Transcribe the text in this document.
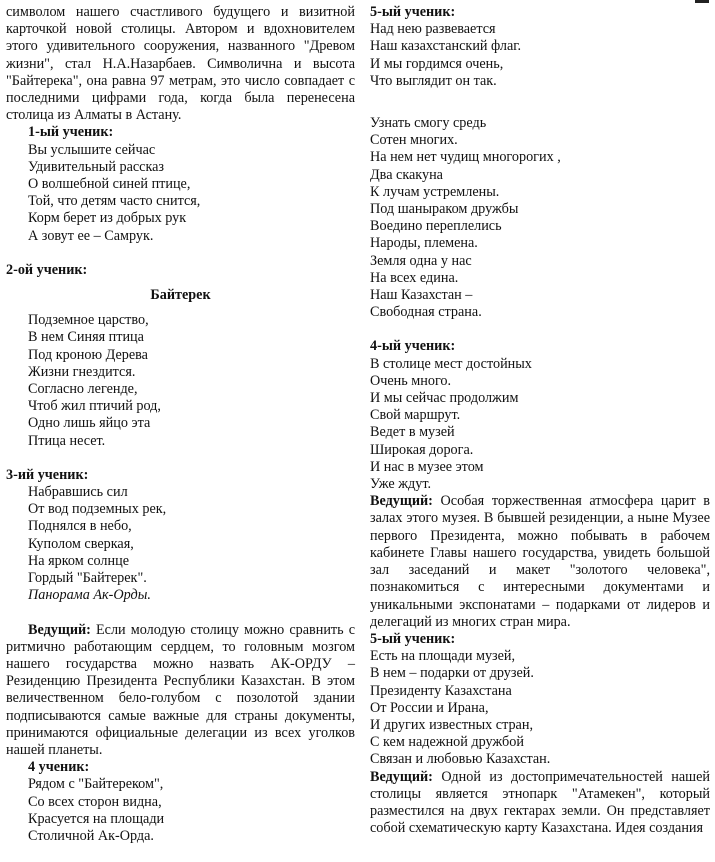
символом нашего счастливого будущего и визитной карточкой новой столицы. Автором и вдохновителем этого удивительного сооружения, названного "Древом жизни", стал Н.А.Назарбаев. Символична и высота "Байтерека", она равна 97 метрам, это число совпадает с последними цифрами года, когда была перенесена столица из Алматы в Астану.

1-ый ученик:
Вы услышите сейчас
Удивительный рассказ
О волшебной синей птице,
Той, что детям часто снится,
Корм берет из добрых рук
А зовут ее – Самрук.
2-ой ученик:
Байтерек
Подземное царство,
В нем Синяя птица
Под кроною Дерева
Жизни гнездится.
Согласно легенде,
Чтоб жил птичий род,
Одно лишь яйцо эта
Птица несет.
3-ий ученик:
Набравшись сил
От вод подземных рек,
Поднялся в небо,
Куполом сверкая,
На ярком солнце
Гордый "Байтерек".
Панорама Ак-Орды.

Ведущий: Если молодую столицу можно сравнить с ритмично работающим сердцем, то головным мозгом нашего государства можно назвать АК-ОРДУ – Резиденцию Президента Республики Казахстан. В этом величественном бело-голубом с позолотой здании подписываются самые важные для страны документы, принимаются официальные делегации из всех уголков нашей планеты.

4 ученик:
Рядом с "Байтереком",
Со всех сторон видна,
Красуется на площади
Столичной Ак-Орда.
5-ый ученик:
Над нею развевается
Наш казахстанский флаг.
И мы гордимся очень,
Что выглядит он так.
Узнать смогу средь
Сотен многих.
На нем нет чудищ многорогих ,
Два скакуна
К лучам устремлены.
Под шаныраком дружбы
Воедино переплелись
Народы, племена.
Земля одна у нас
На всех едина.
Наш Казахстан –
Свободная страна.
4-ый ученик:
В столице мест достойных
Очень много.
И мы сейчас продолжим
Свой маршрут.
Ведет в музей
Широкая дорога.
И нас в музее этом
Уже ждут.

Ведущий: Особая торжественная атмосфера царит в залах этого музея. В бывшей резиденции, а ныне Музее первого Президента, можно побывать в рабочем кабинете Главы нашего государства, увидеть большой зал заседаний и макет "золотого человека", познакомиться с интересными документами и уникальными экспонатами – подарками от лидеров и делегаций из многих стран мира.

5-ый ученик:
Есть на площади музей,
В нем – подарки от друзей.
Президенту Казахстана
От России и Ирана,
И других известных стран,
С кем надежной дружбой
Связан и любовью Казахстан.

Ведущий: Одной из достопримечательностей нашей столицы является этнопарк "Атамекен", который разместился на двух гектарах земли. Он представляет собой схематическую карту Казахстана. Идея создания
